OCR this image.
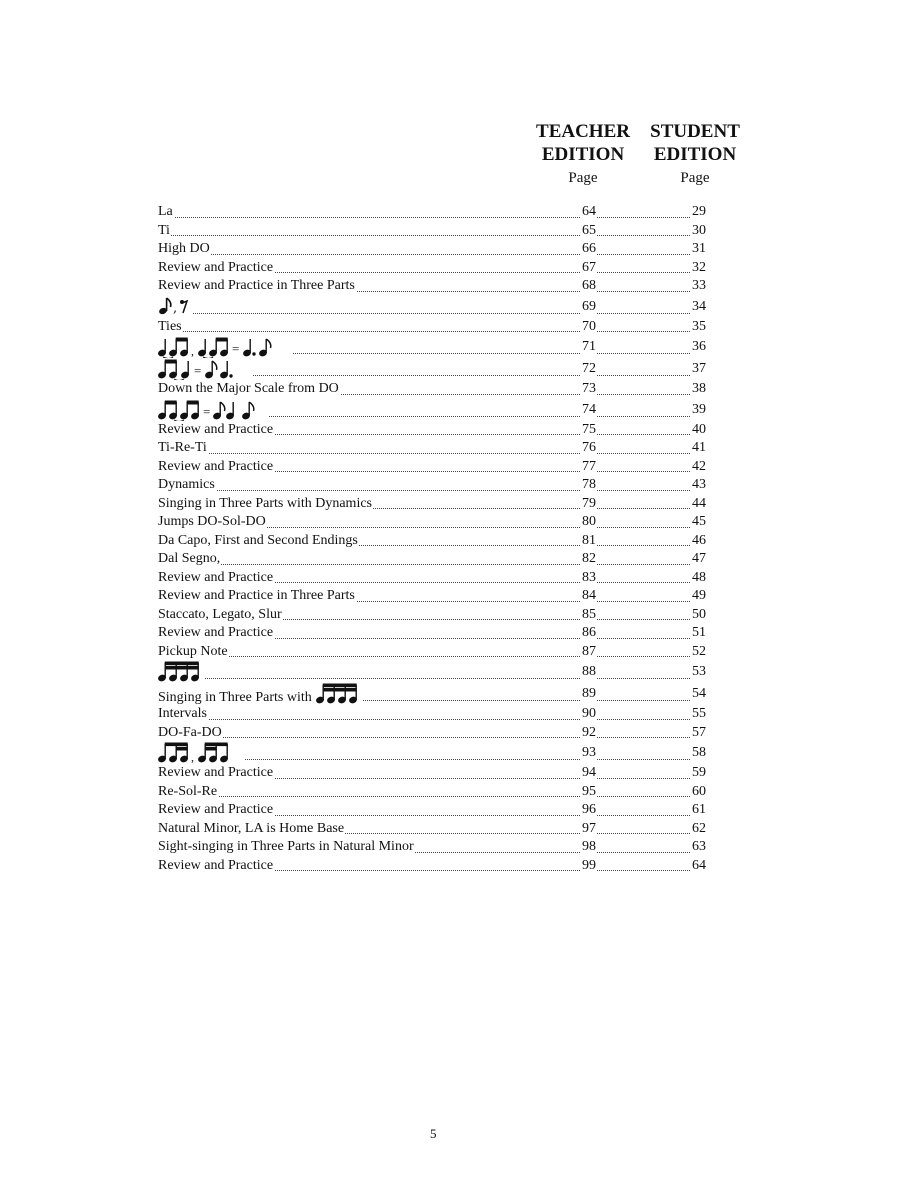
TEACHER
EDITION
Page
STUDENT
EDITION
Page
La	64	29
Ti	65	30
High DO	66	31
Review and Practice	67	32
Review and Practice in Three Parts	68	33
,	69	34
Ties	70	35
,	=	71	36
=	72	37
Down the Major Scale from DO	73	38
=	74	39
Review and Practice	75	40
Ti-Re-Ti	76	41
Review and Practice	77	42
Dynamics	78	43
Singing in Three Parts with Dynamics	79	44
Jumps DO-Sol-DO	80	45
Da Capo, First and Second Endings	81	46
Dal Segno,	82	47
Review and Practice	83	48
Review and Practice in Three Parts	84	49
Staccato, Legato, Slur	85	50
Review and Practice	86	51
Pickup Note	87	52
88	53
Singing in Three Parts with	89	54
Intervals	90	55
DO-Fa-DO	92	57
,	93	58
Review and Practice	94	59
Re-Sol-Re	95	60
Review and Practice	96	61
Natural Minor, LA is Home Base	97	62
Sight-singing in Three Parts in Natural Minor	98	63
Review and Practice	99	64
5
